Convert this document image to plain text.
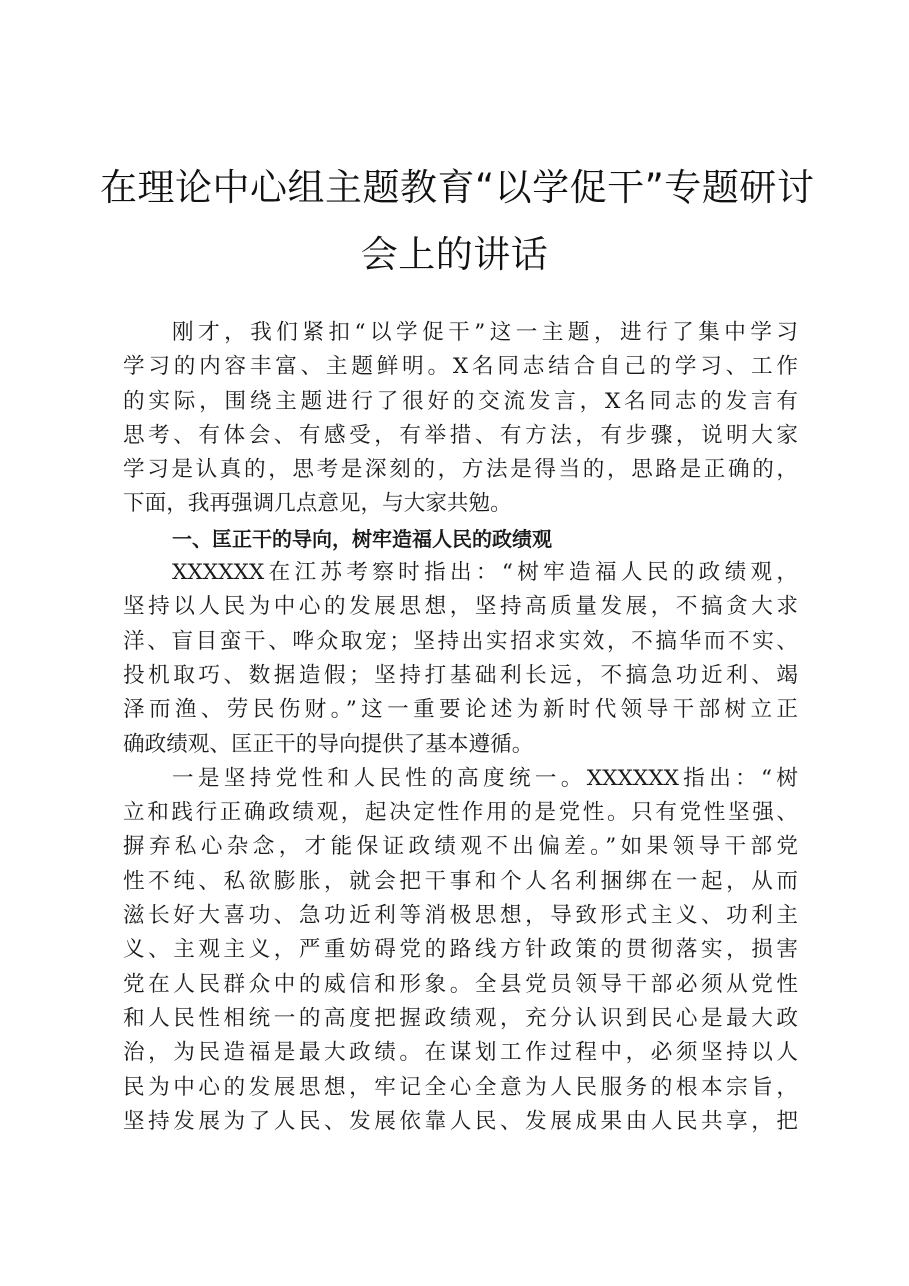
在理论中心组主题教育“以学促干”专题研讨
会上的讲话
刚才，我们紧扣“以学促干”这一主题，进行了集中学习
学习的内容丰富、主题鲜明。X名同志结合自己的学习、工作
的实际，围绕主题进行了很好的交流发言，X名同志的发言有
思考、有体会、有感受，有举措、有方法，有步骤，说明大家
学习是认真的，思考是深刻的，方法是得当的，思路是正确的，
下面，我再强调几点意见，与大家共勉。
一、匡正干的导向，树牢造福人民的政绩观
XXXXXX在江苏考察时指出：“树牢造福人民的政绩观，
坚持以人民为中心的发展思想，坚持高质量发展，不搞贪大求
洋、盲目蛮干、哗众取宠；坚持出实招求实效，不搞华而不实、
投机取巧、数据造假；坚持打基础利长远，不搞急功近利、竭
泽而渔、劳民伤财。”这一重要论述为新时代领导干部树立正
确政绩观、匡正干的导向提供了基本遵循。
一是坚持党性和人民性的高度统一。XXXXXX指出：“树
立和践行正确政绩观，起决定性作用的是党性。只有党性坚强、
摒弃私心杂念，才能保证政绩观不出偏差。”如果领导干部党
性不纯、私欲膨胀，就会把干事和个人名利捆绑在一起，从而
滋长好大喜功、急功近利等消极思想，导致形式主义、功利主
义、主观主义，严重妨碍党的路线方针政策的贯彻落实，损害
党在人民群众中的威信和形象。全县党员领导干部必须从党性
和人民性相统一的高度把握政绩观，充分认识到民心是最大政
治，为民造福是最大政绩。在谋划工作过程中，必须坚持以人
民为中心的发展思想，牢记全心全意为人民服务的根本宗旨，
坚持发展为了人民、发展依靠人民、发展成果由人民共享，把
